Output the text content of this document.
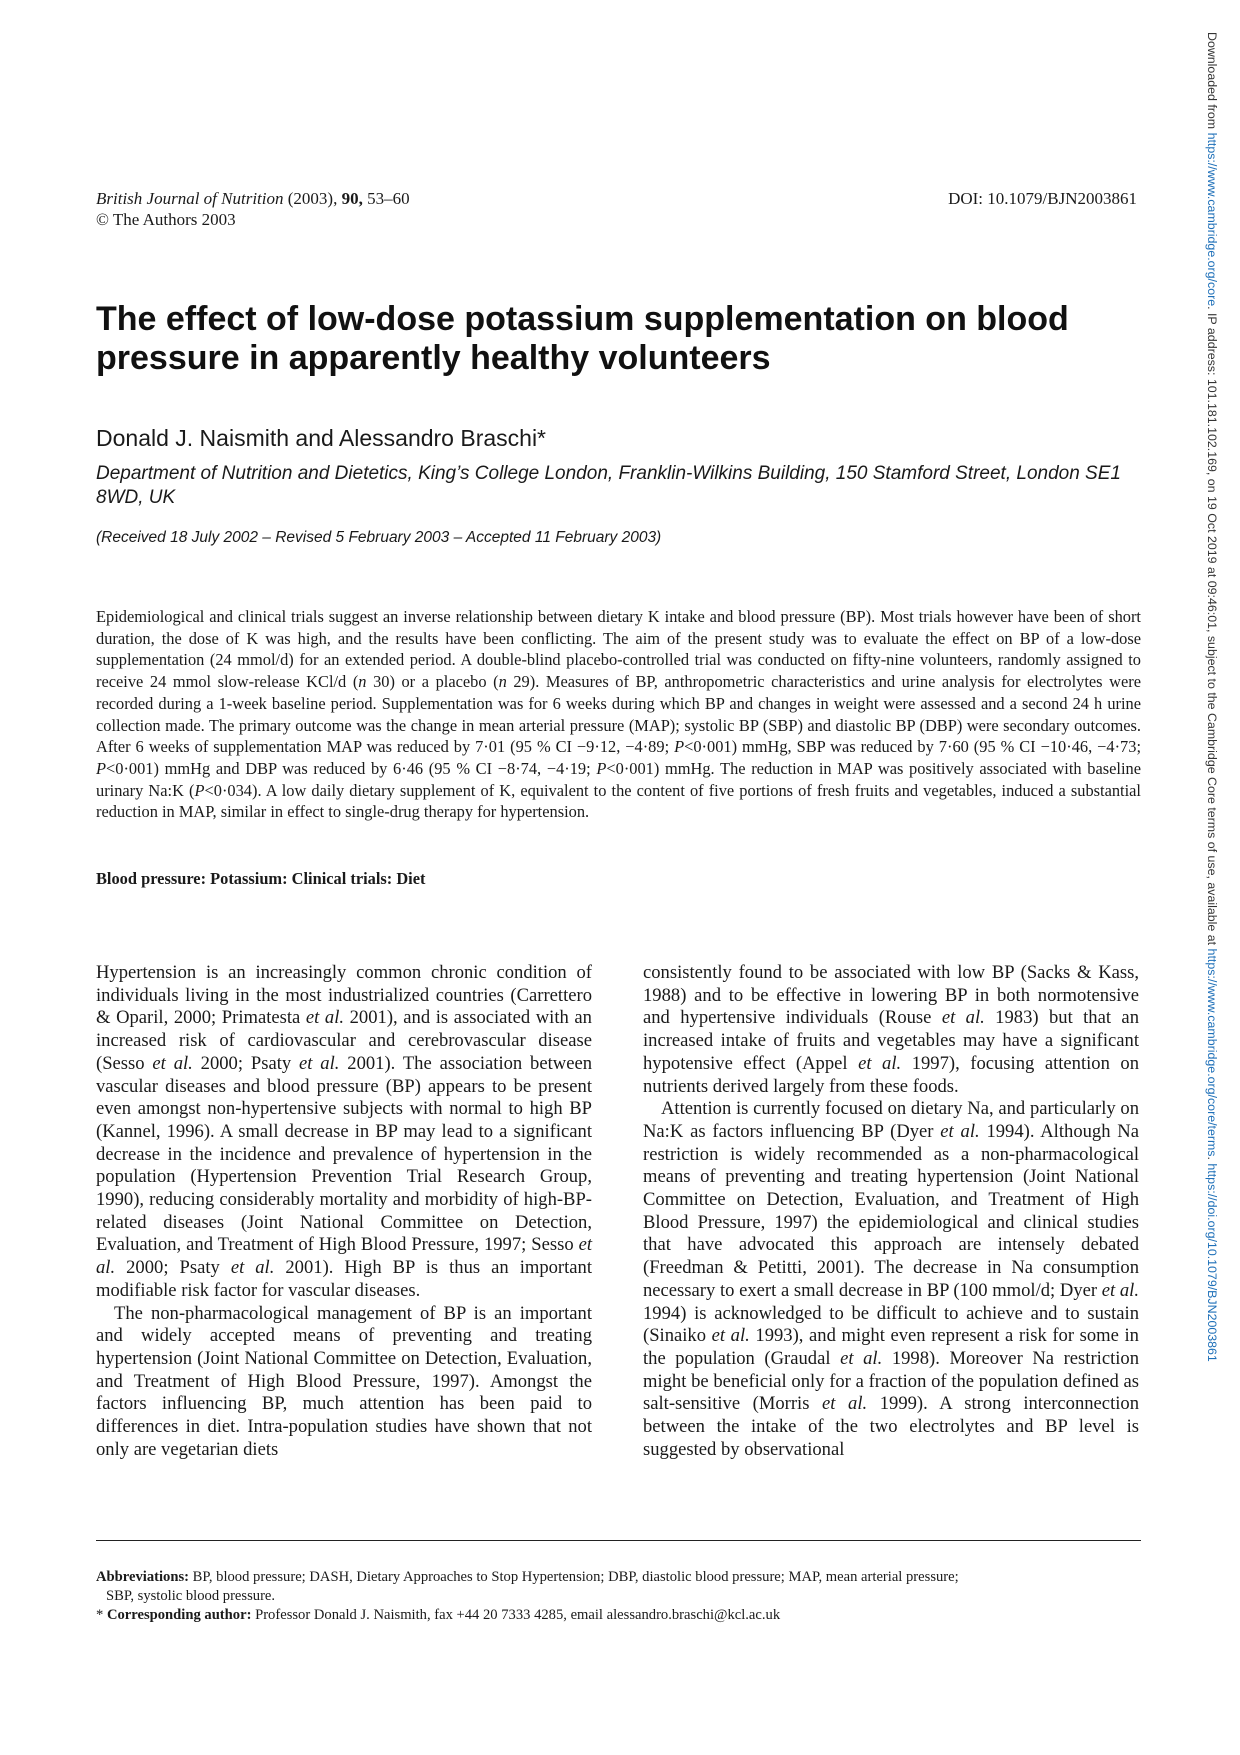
British Journal of Nutrition (2003), 90, 53–60
© The Authors 2003
DOI: 10.1079/BJN2003861
The effect of low-dose potassium supplementation on blood pressure in apparently healthy volunteers
Donald J. Naismith and Alessandro Braschi*
Department of Nutrition and Dietetics, King’s College London, Franklin-Wilkins Building, 150 Stamford Street, London SE1 8WD, UK
(Received 18 July 2002 – Revised 5 February 2003 – Accepted 11 February 2003)

Epidemiological and clinical trials suggest an inverse relationship between dietary K intake and blood pressure (BP). Most trials however have been of short duration, the dose of K was high, and the results have been conflicting. The aim of the present study was to evaluate the effect on BP of a low-dose supplementation (24 mmol/d) for an extended period. A double-blind placebo-controlled trial was conducted on fifty-nine volunteers, randomly assigned to receive 24 mmol slow-release KCl/d (n 30) or a placebo (n 29). Measures of BP, anthropometric characteristics and urine analysis for electrolytes were recorded during a 1-week baseline period. Supplementation was for 6 weeks during which BP and changes in weight were assessed and a second 24 h urine collection made. The primary outcome was the change in mean arterial pressure (MAP); systolic BP (SBP) and diastolic BP (DBP) were secondary outcomes. After 6 weeks of supplementation MAP was reduced by 7·01 (95 % CI −9·12, −4·89; P<0·001) mmHg, SBP was reduced by 7·60 (95 % CI −10·46, −4·73; P<0·001) mmHg and DBP was reduced by 6·46 (95 % CI −8·74, −4·19; P<0·001) mmHg. The reduction in MAP was positively associated with baseline urinary Na:K (P<0·034). A low daily dietary supplement of K, equivalent to the content of five portions of fresh fruits and vegetables, induced a substantial reduction in MAP, similar in effect to single-drug therapy for hypertension.

Blood pressure: Potassium: Clinical trials: Diet

Hypertension is an increasingly common chronic condition of individuals living in the most industrialized countries (Carrettero & Oparil, 2000; Primatesta et al. 2001), and is associated with an increased risk of cardiovascular and cerebrovascular disease (Sesso et al. 2000; Psaty et al. 2001). The association between vascular diseases and blood pressure (BP) appears to be present even amongst non-hypertensive subjects with normal to high BP (Kannel, 1996). A small decrease in BP may lead to a significant decrease in the incidence and prevalence of hypertension in the population (Hypertension Prevention Trial Research Group, 1990), reducing considerably mortality and morbidity of high-BP-related diseases (Joint National Committee on Detection, Evaluation, and Treatment of High Blood Pressure, 1997; Sesso et al. 2000; Psaty et al. 2001). High BP is thus an important modifiable risk factor for vascular diseases.

The non-pharmacological management of BP is an important and widely accepted means of preventing and treating hypertension (Joint National Committee on Detection, Evaluation, and Treatment of High Blood Pressure, 1997). Amongst the factors influencing BP, much attention has been paid to differences in diet. Intra-population studies have shown that not only are vegetarian diets

consistently found to be associated with low BP (Sacks & Kass, 1988) and to be effective in lowering BP in both normotensive and hypertensive individuals (Rouse et al. 1983) but that an increased intake of fruits and vegetables may have a significant hypotensive effect (Appel et al. 1997), focusing attention on nutrients derived largely from these foods.

Attention is currently focused on dietary Na, and particularly on Na:K as factors influencing BP (Dyer et al. 1994). Although Na restriction is widely recommended as a non-pharmacological means of preventing and treating hypertension (Joint National Committee on Detection, Evaluation, and Treatment of High Blood Pressure, 1997) the epidemiological and clinical studies that have advocated this approach are intensely debated (Freedman & Petitti, 2001). The decrease in Na consumption necessary to exert a small decrease in BP (100 mmol/d; Dyer et al. 1994) is acknowledged to be difficult to achieve and to sustain (Sinaiko et al. 1993), and might even represent a risk for some in the population (Graudal et al. 1998). Moreover Na restriction might be beneficial only for a fraction of the population defined as salt-sensitive (Morris et al. 1999). A strong interconnection between the intake of the two electrolytes and BP level is suggested by observational

Abbreviations: BP, blood pressure; DASH, Dietary Approaches to Stop Hypertension; DBP, diastolic blood pressure; MAP, mean arterial pressure;

SBP, systolic blood pressure.

* Corresponding author: Professor Donald J. Naismith, fax +44 20 7333 4285, email alessandro.braschi@kcl.ac.uk

Downloaded from https://www.cambridge.org/core. IP address: 101.181.102.169, on 19 Oct 2019 at 09:46:01, subject to the Cambridge Core terms of use, available at https://www.cambridge.org/core/terms. https://doi.org/10.1079/BJN2003861
